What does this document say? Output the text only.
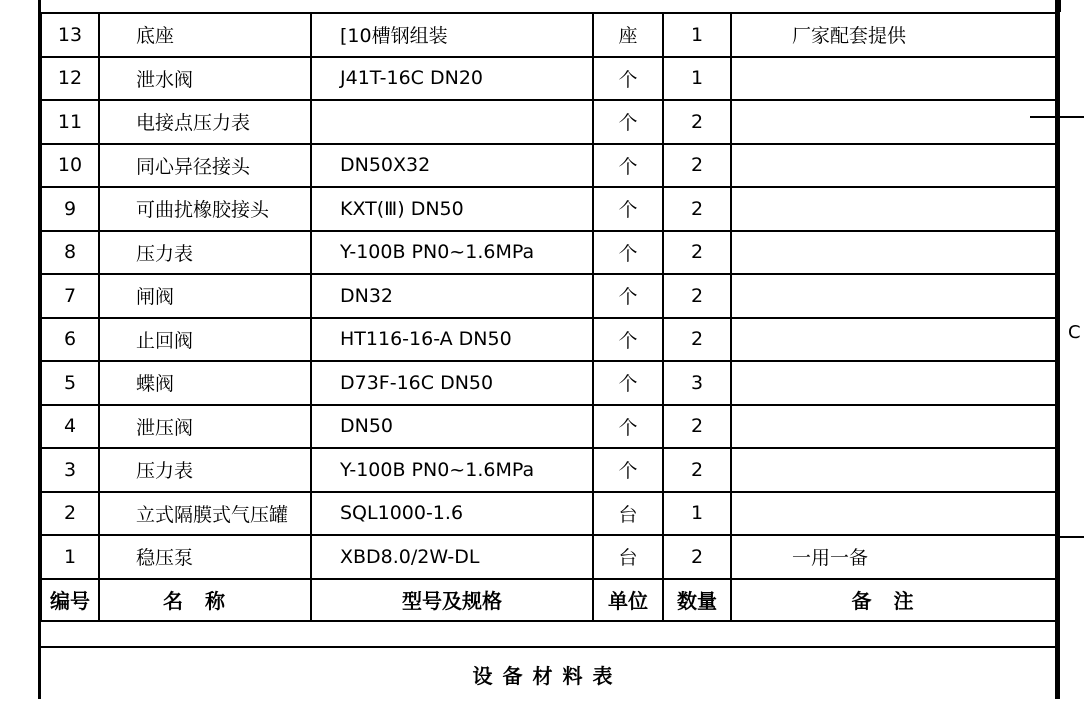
13	底座	[10槽钢组装	座	1	厂家配套提供
12	泄水阀	J41T-16C DN20	个	1	
11	电接点压力表		个	2	
10	同心异径接头	DN50X32	个	2	
9	可曲扰橡胶接头	KXT(Ⅲ) DN50	个	2	
8	压力表	Y-100B PN0~1.6MPa	个	2	
7	闸阀	DN32	个	2	
6	止回阀	HT116-16-A DN50	个	2	
5	蝶阀	D73F-16C DN50	个	3	
4	泄压阀	DN50	个	2	
3	压力表	Y-100B PN0~1.6MPa	个	2	
2	立式隔膜式气压罐	SQL1000-1.6	台	1	
1	稳压泵	XBD8.0/2W-DL	台	2	一用一备
编号	名称	型号及规格	单位	数量	备注
设备材料表
C
